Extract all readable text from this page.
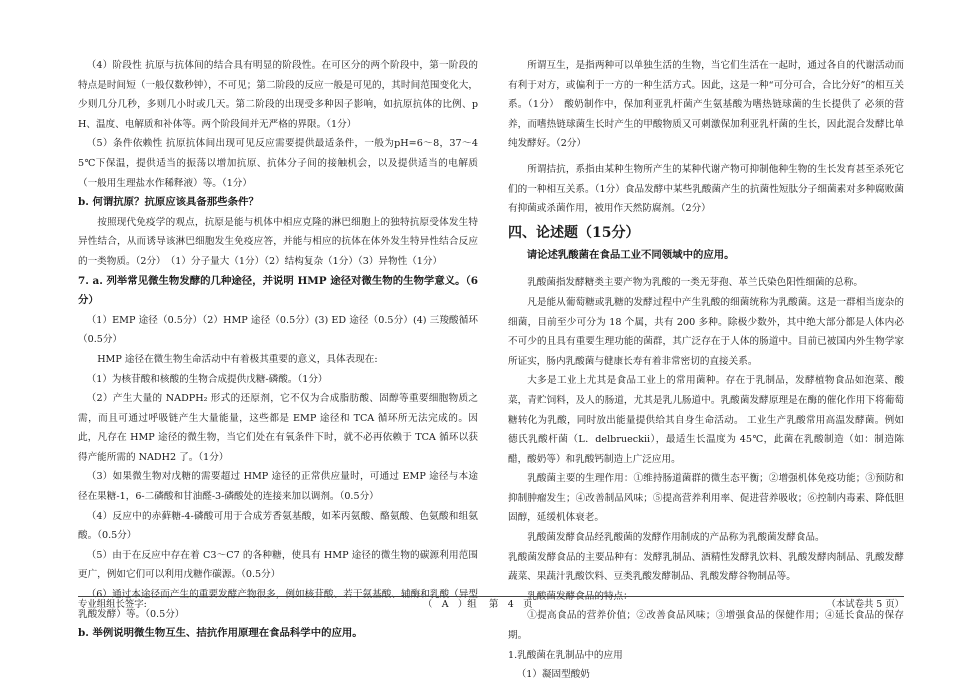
（4）阶段性 抗原与抗体间的结合具有明显的阶段性。在可区分的两个阶段中，第一阶段的特点是时间短（一般仅数秒钟），不可见；第二阶段的反应一般是可见的，其时间范围变化大，少则几分几秒，多则几小时或几天。第二阶段的出现受多种因子影响，如抗原抗体的比例、pH、温度、电解质和补体等。两个阶段间并无严格的界限。（1分）

（5）条件依赖性 抗原抗体间出现可见反应需要提供最适条件，一般为pH=6～8，37～45℃下保温，提供适当的振荡以增加抗原、抗体分子间的接触机会，以及提供适当的电解质（一般用生理盐水作稀释液）等。（1分）

b. 何谓抗原？抗原应该具备那些条件？

按照现代免疫学的观点，抗原是能与机体中相应克隆的淋巴细胞上的独特抗原受体发生特异性结合，从而诱导该淋巴细胞发生免疫应答，并能与相应的抗体在体外发生特异性结合反应的一类物质。（2分）　（1）分子量大（1分）（2）结构复杂（1分）（3）异物性（1分）

7. a. 列举常见微生物发酵的几种途径，并说明 HMP 途径对微生物的生物学意义。（6分）

（1）EMP 途径（0.5分）（2）HMP 途径（0.5分）(3) ED 途径（0.5分）(4) 三羧酸循环（0.5分）

HMP 途径在微生物生命活动中有着极其重要的意义，具体表现在:

（1）为核苷酸和核酸的生物合成提供戊糖-磷酸。（1分）

（2）产生大量的 NADPH₂ 形式的还原剂，它不仅为合成脂肪酸、固醇等重要细胞物质之需，而且可通过呼吸链产生大量能量，这些都是 EMP 途径和 TCA 循环所无法完成的。因此，凡存在 HMP 途径的微生物，当它们处在有氧条件下时，就不必再依赖于 TCA 循环以获得产能所需的 NADH2 了。（1分）

（3）如果微生物对戊糖的需要超过 HMP 途径的正常供应量时，可通过 EMP 途径与本途径在果糖-1，6-二磷酸和甘油醛-3-磷酸处的连接来加以调剂。（0.5分）

（4）反应中的赤藓糖-4-磷酸可用于合成芳香氨基酸，如苯丙氨酸、酪氨酸、色氨酸和组氨酸。（0.5分）

（5）由于在反应中存在着 C3～C7 的各种糖，使具有 HMP 途径的微生物的碳源利用范围更广，例如它们可以利用戊糖作碳源。（0.5分）

（6）通过本途径而产生的重要发酵产物很多，例如核苷酸、若干氨基酸、辅酶和乳酸（异型乳酸发酵）等。（0.5分）

b. 举例说明微生物互生、拮抗作用原理在食品科学中的应用。

所谓互生，是指两种可以单独生活的生物，当它们生活在一起时，通过各自的代谢活动而有利于对方，或偏利于一方的一种生活方式。因此，这是一种“可分可合，合比分好”的相互关系。（1分）　酸奶制作中，保加利亚乳杆菌产生氨基酸为嗜热链球菌的生长提供了 必须的营养，而嗜热链球菌生长时产生的甲酸物质又可刺激保加利亚乳杆菌的生长，因此混合发酵比单纯发酵好。（2分）

所谓拮抗，系指由某种生物所产生的某种代谢产物可抑制他种生物的生长发育甚至杀死它们的一种相互关系。（1分）食品发酵中某些乳酸菌产生的抗菌性短肽分子细菌素对多种腐败菌有抑菌或杀菌作用，被用作天然防腐剂。（2分）

四、论述题（15分）

请论述乳酸菌在食品工业不同领域中的应用。

乳酸菌指发酵糖类主要产物为乳酸的一类无芽孢、革兰氏染色阳性细菌的总称。

凡是能从葡萄糖或乳糖的发酵过程中产生乳酸的细菌统称为乳酸菌。这是一群相当庞杂的细菌，目前至少可分为 18 个属，共有 200 多种。除极少数外，其中绝大部分都是人体内必不可少的且具有重要生理功能的菌群，其广泛存在于人体的肠道中。目前已被国内外生物学家所证实，肠内乳酸菌与健康长寿有着非常密切的直接关系。

大多是工业上尤其是食品工业上的常用菌种。存在于乳制品，发酵植物食品如泡菜、酸菜，青贮饲料，及人的肠道，尤其是乳儿肠道中。乳酸菌发酵原理是在酶的催化作用下将葡萄糖转化为乳酸，同时放出能量提供给其自身生命活动。 工业生产乳酸常用高温发酵菌。例如德氏乳酸杆菌（L．delbrueckii），最适生长温度为 45℃，此菌在乳酸制造（如：制造陈醋，酸奶等）和乳酸钙制造上广泛应用。

乳酸菌主要的生理作用：①维持肠道菌群的微生态平衡；②增强机体免疫功能；③预防和抑制肿瘤发生；④改善制品风味；⑤提高营养利用率、促进营养吸收；⑥控制内毒素、降低胆固醇，延缓机体衰老。

乳酸菌发酵食品经乳酸菌的发酵作用制成的产品称为乳酸菌发酵食品。

乳酸菌发酵食品的主要品种有：发酵乳制品、酒精性发酵乳饮料、乳酸发酵肉制品、乳酸发酵蔬菜、果蔬汁乳酸饮料、豆类乳酸发酵制品、乳酸发酵谷物制品等。

乳酸菌发酵食品的特点：

①提高食品的营养价值；②改善食品风味；③增强食品的保健作用；④延长食品的保存期。

1.乳酸菌在乳制品中的应用

（1）凝固型酸奶

专业组组长签字:	（　A　）组　 第　4　页	（本试卷共 5 页）
